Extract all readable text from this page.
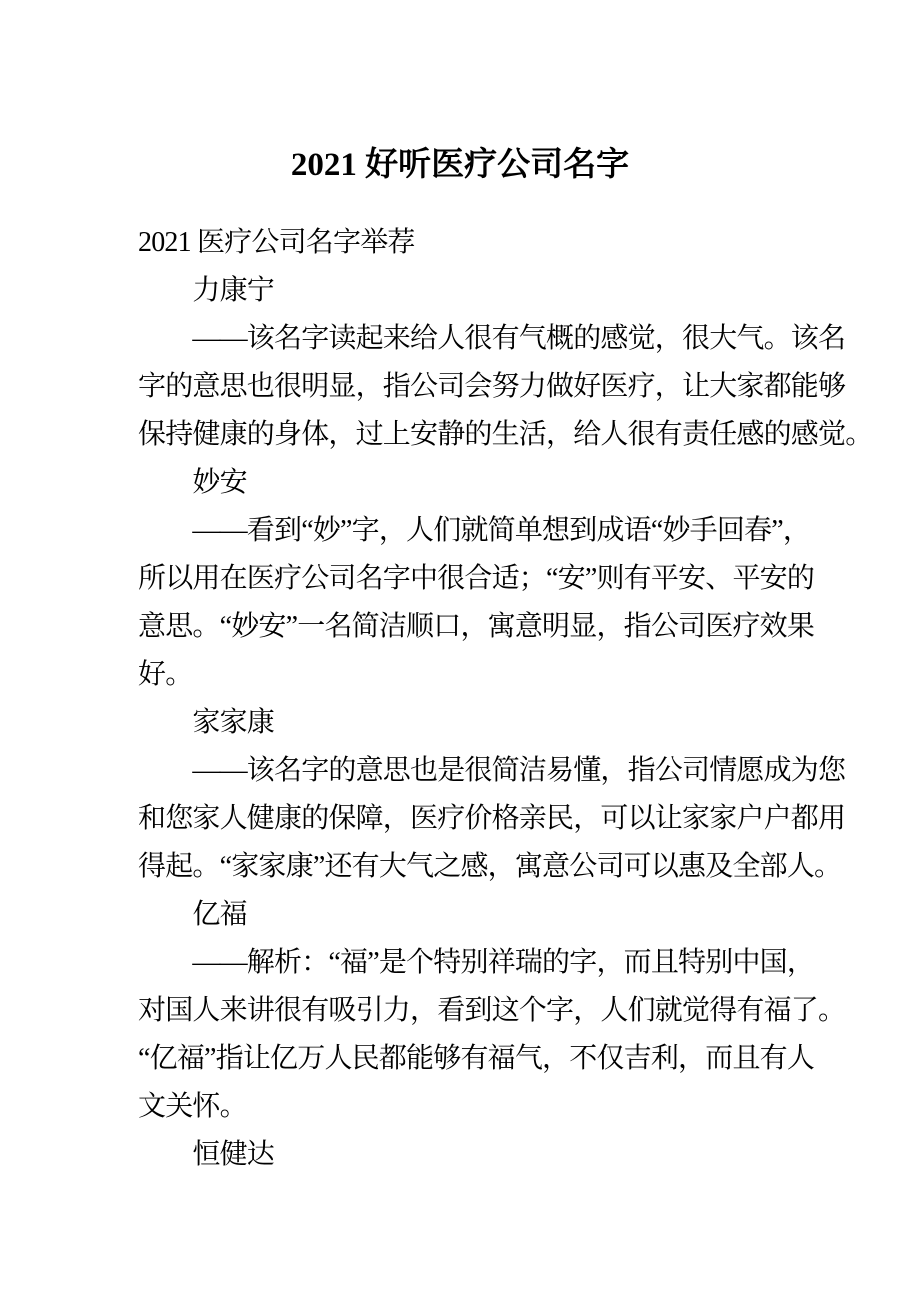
2021 好听医疗公司名字
2021 医疗公司名字举荐
　　力康宁
　　——该名字读起来给人很有气概的感觉，很大气。该名
字的意思也很明显，指公司会努力做好医疗，让大家都能够
保持健康的身体，过上安静的生活，给人很有责任感的感觉。
　　妙安
　　——看到“妙”字，人们就简单想到成语“妙手回春”，
所以用在医疗公司名字中很合适；“安”则有平安、平安的
意思。“妙安”一名简洁顺口，寓意明显，指公司医疗效果
好。
　　家家康
　　——该名字的意思也是很简洁易懂，指公司情愿成为您
和您家人健康的保障，医疗价格亲民，可以让家家户户都用
得起。“家家康”还有大气之感，寓意公司可以惠及全部人。
　　亿福
　　——解析：“福”是个特别祥瑞的字，而且特别中国，
对国人来讲很有吸引力，看到这个字，人们就觉得有福了。
“亿福”指让亿万人民都能够有福气，不仅吉利，而且有人
文关怀。
　　恒健达
